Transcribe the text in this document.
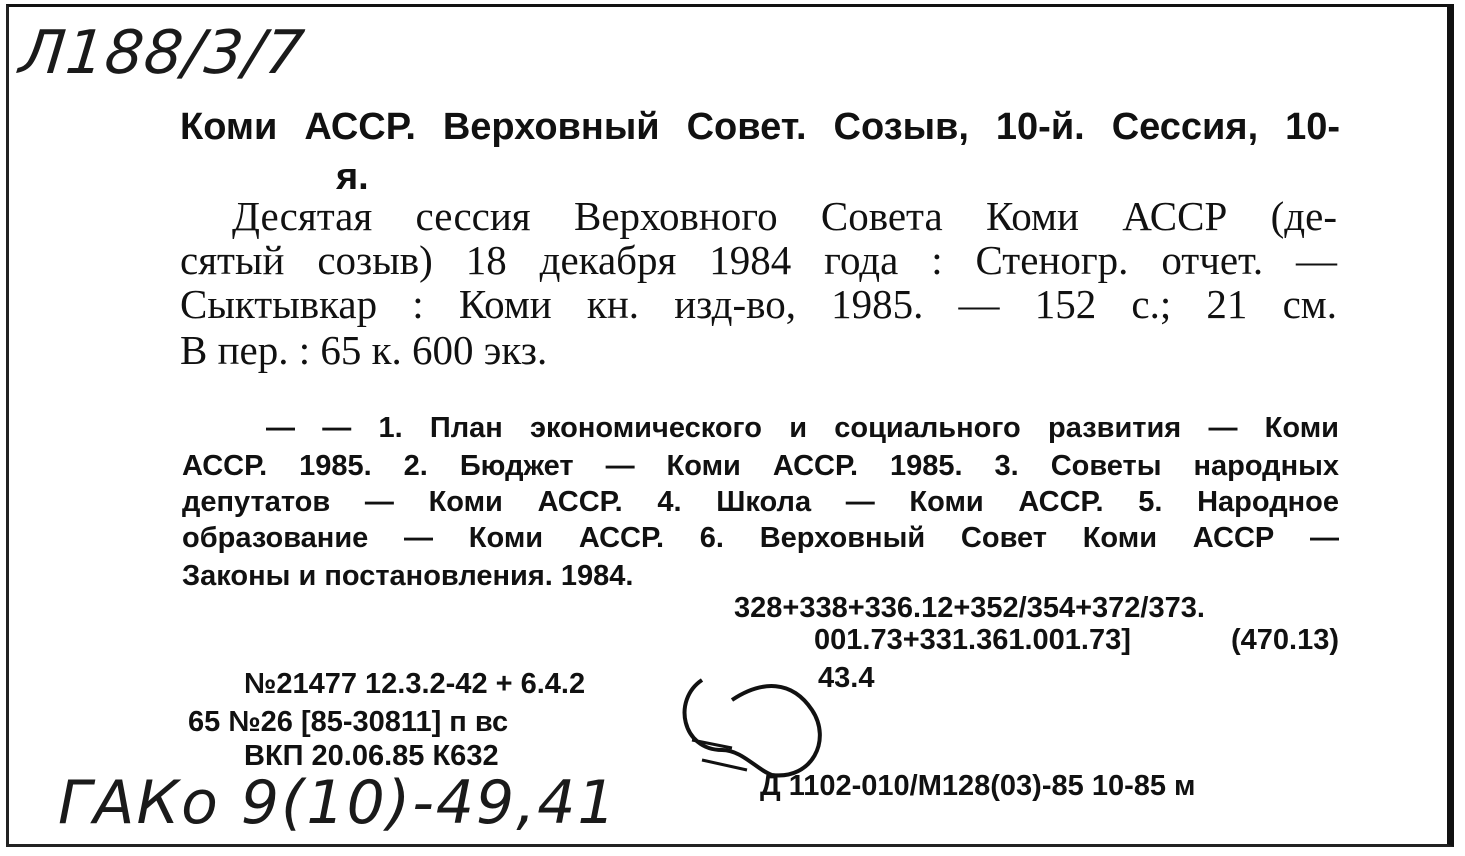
Л188/3/7
Коми АССР. Верховный Совет. Созыв, 10-й. Сессия, 10-
я.
Десятая сессия Верховного Совета Коми АССР (де-
сятый созыв) 18 декабря 1984 года : Стеногр. отчет. —
Сыктывкар : Коми кн. изд-во, 1985. — 152 с.; 21 см.
В пер. : 65 к. 600 экз.
— — 1. План экономического и социального развития — Коми
АССР. 1985. 2. Бюджет — Коми АССР. 1985. 3. Советы народных
депутатов — Коми АССР. 4. Школа — Коми АССР. 5. Народное
образование — Коми АССР. 6. Верховный Совет Коми АССР —
Законы и постановления. 1984.
328+338+336.12+352/354+372/373.
001.73+331.361.001.73] (470.13)
№21477 12.3.2-42 + 6.4.2	43.4
65 №26 [85-30811] п вс
ВКП 20.06.85 К632
Д 1102-010/М128(03)-85 10-85 м
ГАКо 9(10)-49,41
